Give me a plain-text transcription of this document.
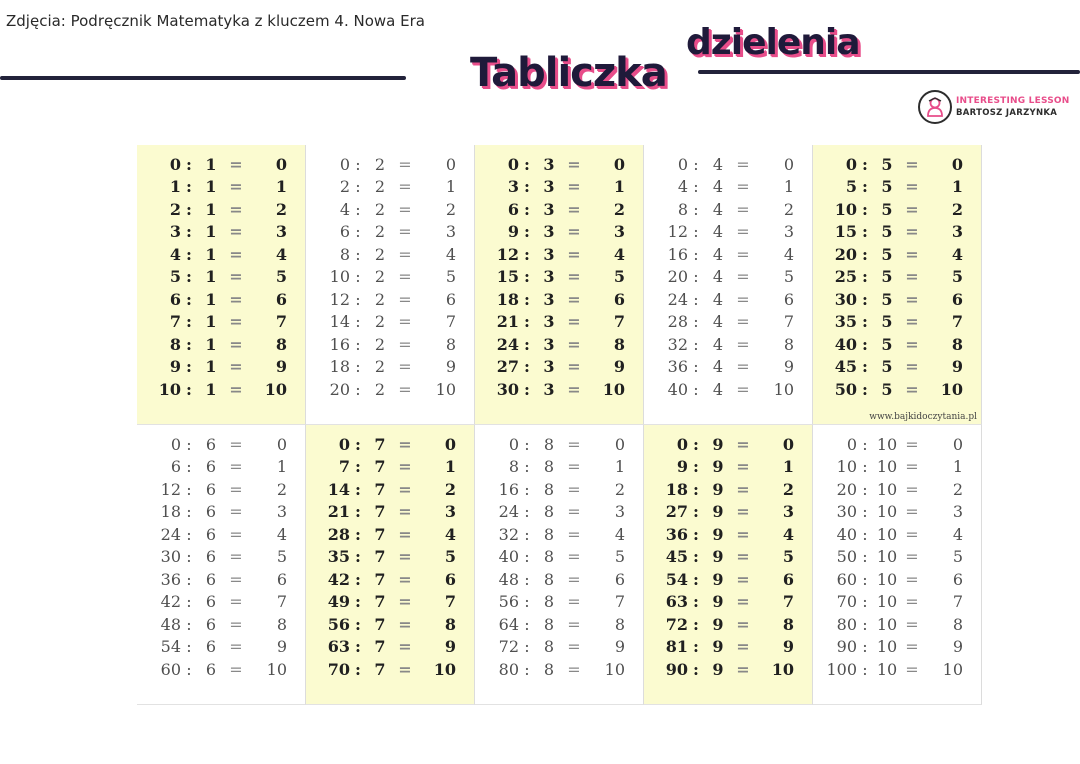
Zdjęcia: Podręcznik Matematyka z kluczem 4. Nowa Era
Tabliczka
dzielenia
INTERESTING LESSON
BARTOSZ JARZYNKA
0 : 1 =	0
1 : 1 =	1
2 : 1 =	2
3 : 1 =	3
4 : 1 =	4
5 : 1 =	5
6 : 1 =	6
7 : 1 =	7
8 : 1 =	8
9 : 1 =	9
10 : 1 =	10
0 : 2 =	0
2 : 2 =	1
4 : 2 =	2
6 : 2 =	3
8 : 2 =	4
10 : 2 =	5
12 : 2 =	6
14 : 2 =	7
16 : 2 =	8
18 : 2 =	9
20 : 2 =	10
0 : 3 =	0
3 : 3 =	1
6 : 3 =	2
9 : 3 =	3
12 : 3 =	4
15 : 3 =	5
18 : 3 =	6
21 : 3 =	7
24 : 3 =	8
27 : 3 =	9
30 : 3 =	10
0 : 4 =	0
4 : 4 =	1
8 : 4 =	2
12 : 4 =	3
16 : 4 =	4
20 : 4 =	5
24 : 4 =	6
28 : 4 =	7
32 : 4 =	8
36 : 4 =	9
40 : 4 =	10
0 : 5 =	0
5 : 5 =	1
10 : 5 =	2
15 : 5 =	3
20 : 5 =	4
25 : 5 =	5
30 : 5 =	6
35 : 5 =	7
40 : 5 =	8
45 : 5 =	9
50 : 5 =	10
www.bajkidoczytania.pl
0 : 6 =	0
6 : 6 =	1
12 : 6 =	2
18 : 6 =	3
24 : 6 =	4
30 : 6 =	5
36 : 6 =	6
42 : 6 =	7
48 : 6 =	8
54 : 6 =	9
60 : 6 =	10
0 : 7 =	0
7 : 7 =	1
14 : 7 =	2
21 : 7 =	3
28 : 7 =	4
35 : 7 =	5
42 : 7 =	6
49 : 7 =	7
56 : 7 =	8
63 : 7 =	9
70 : 7 =	10
0 : 8 =	0
8 : 8 =	1
16 : 8 =	2
24 : 8 =	3
32 : 8 =	4
40 : 8 =	5
48 : 8 =	6
56 : 8 =	7
64 : 8 =	8
72 : 8 =	9
80 : 8 =	10
0 : 9 =	0
9 : 9 =	1
18 : 9 =	2
27 : 9 =	3
36 : 9 =	4
45 : 9 =	5
54 : 9 =	6
63 : 9 =	7
72 : 9 =	8
81 : 9 =	9
90 : 9 =	10
0 : 10 =	0
10 : 10 =	1
20 : 10 =	2
30 : 10 =	3
40 : 10 =	4
50 : 10 =	5
60 : 10 =	6
70 : 10 =	7
80 : 10 =	8
90 : 10 =	9
100 : 10 =	10
